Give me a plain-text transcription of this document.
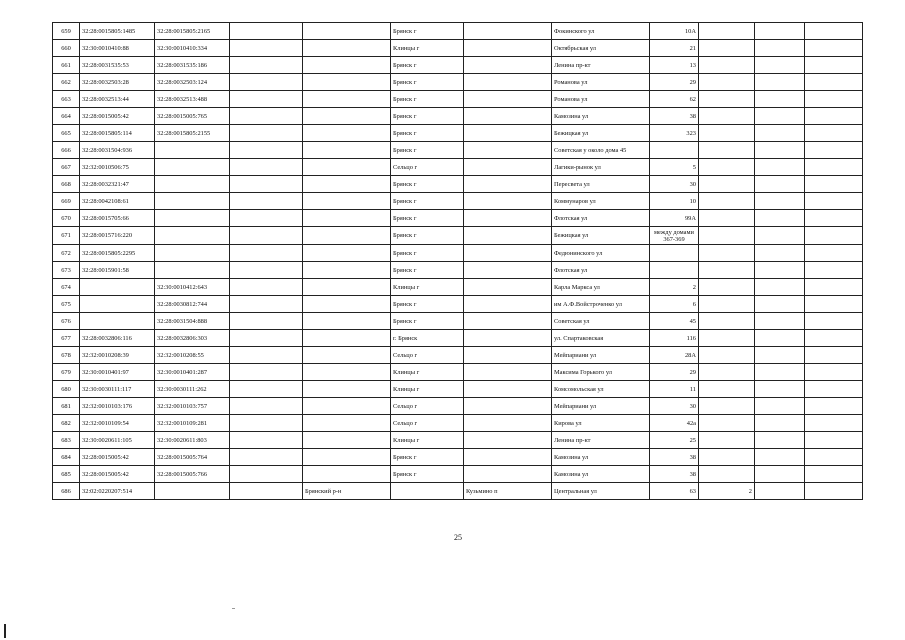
659	32:28:0015805:1485	32:28:0015805:2165			Брянск г		Фокинского ул	10А			
660	32:30:0010410:88	32:30:0010410:334			Клинцы г		Октябрьская ул	21			
661	32:28:0031535:53	32:28:0031535:186			Брянск г		Ленина пр-кт	13			
662	32:28:0032503:28	32:28:0032503:124			Брянск г		Романова ул	29			
663	32:28:0032513:44	32:28:0032513:488			Брянск г		Романова ул	62			
664	32:28:0015005:42	32:28:0015005:765			Брянск г		Камозина ул	38			
665	32:28:0015805:114	32:28:0015805:2155			Брянск г		Бежицкая ул	323			
666	32:28:0031504:936				Брянск г		Советская у около дома 45				
667	32:32:0010506:75				Сельцо г		Лагики-рынок ул	5			
668	32:28:0032321:47				Брянск г		Пересвета ул	30			
669	32:28:0042108:61				Брянск г		Коммунаров ул	10			
670	32:28:0015705:66				Брянск г		Флотская ул	99А			
671	32:28:0015716:220				Брянск г		Бежицкая ул	между домами 367-369			
672	32:28:0015805:2295				Брянск г		Федюнинского ул				
673	32:28:0015901:58				Брянск г		Флотская ул				
674		32:30:0010412:643			Клинцы г		Карла Маркса ул	2			
675		32:28:0030812:744			Брянск г		им А.Ф.Войстроченко ул	6			
676		32:28:0031504:888			Брянск г		Советская ул	45			
677	32:28:0032806:116	32:28:0032806:303			г. Брянск		ул. Спартаковская	116			
678	32:32:0010208:39	32:32:0010208:55			Сельцо г		Мейпариани ул	28А			
679	32:30:0010401:97	32:30:0010401:287			Клинцы г		Максима Горького ул	29			
680	32:30:0030111:117	32:30:0030111:262			Клинцы г		Комсомольская ул	11			
681	32:32:0010103:176	32:32:0010103:757			Сельцо г		Мейпариани ул	30			
682	32:32:0010109:54	32:32:0010109:281			Сельцо г		Кирова ул	42а			
683	32:30:0020611:105	32:30:0020611:803			Клинцы г		Ленина пр-кт	25			
684	32:28:0015005:42	32:28:0015005:764			Брянск г		Камозина ул	38			
685	32:28:0015005:42	32:28:0015005:766			Брянск г		Камозина ул	38			
686	32:02:0220207:514			Брянский р-н		Кузьмино п	Центральная ул	63	2		
25
